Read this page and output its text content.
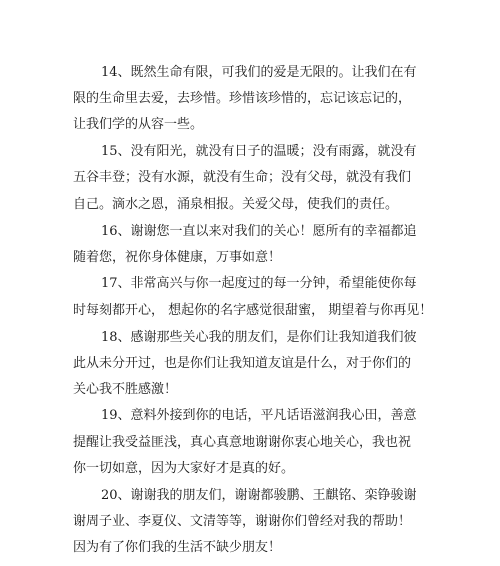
14、既然生命有限，可我们的爱是无限的。让我们在有
限的生命里去爱，去珍惜。珍惜该珍惜的，忘记该忘记的，
让我们学的从容一些。
15、没有阳光，就没有日子的温暖；没有雨露，就没有
五谷丰登；没有水源，就没有生命；没有父母，就没有我们
自己。滴水之恩，涌泉相报。关爱父母，使我们的责任。
16、谢谢您一直以来对我们的关心！愿所有的幸福都追
随着您，祝你身体健康，万事如意！
17、非常高兴与你一起度过的每一分钟，希望能使你每
时每刻都开心， 想起你的名字感觉很甜蜜， 期望着与你再见！
18、感谢那些关心我的朋友们，是你们让我知道我们彼
此从未分开过，也是你们让我知道友谊是什么，对于你们的
关心我不胜感激！
19、意料外接到你的电话，平凡话语滋润我心田，善意
提醒让我受益匪浅，真心真意地谢谢你衷心地关心，我也祝
你一切如意，因为大家好才是真的好。
20、谢谢我的朋友们，谢谢都骏鹏、王麒铭、栾铮骏谢
谢周子业、李夏仪、文清等等，谢谢你们曾经对我的帮助！
因为有了你们我的生活不缺少朋友！
